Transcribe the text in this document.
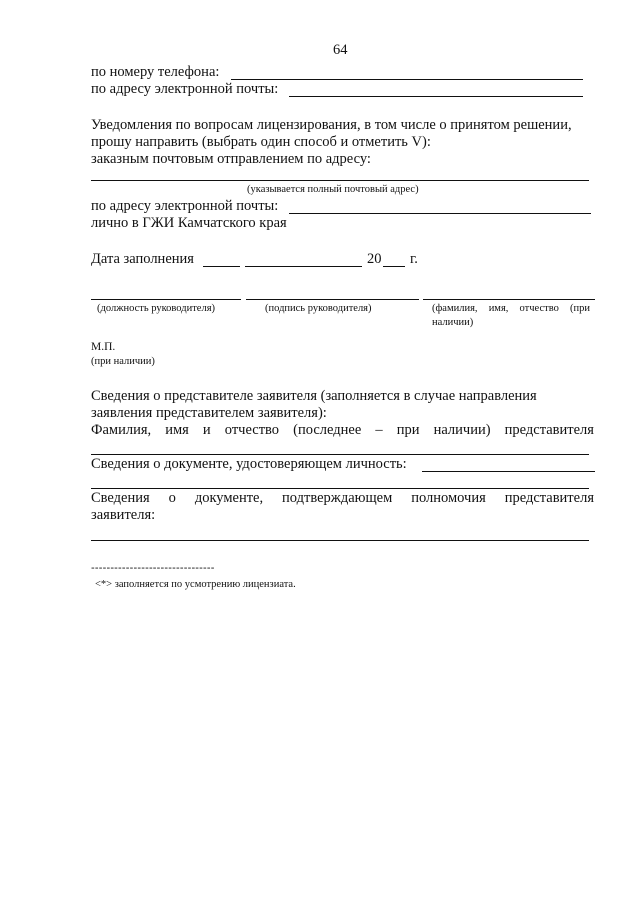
64
по номеру телефона:
по адресу электронной почты:
Уведомления по вопросам лицензирования, в том числе о принятом решении,
прошу направить (выбрать один способ и отметить V):
заказным почтовым отправлением по адресу:
(указывается полный почтовый адрес)
по адресу электронной почты:
лично в ГЖИ Камчатского края
Дата заполнения	20 г.
(должность руководителя)	(подпись руководителя)	(фамилия, имя, отчество (при
наличии)
М.П.
(при наличии)
Сведения о представителе заявителя (заполняется в случае направления
заявления представителем заявителя):
Фамилия, имя и отчество (последнее – при наличии) представителя
Сведения о документе, удостоверяющем личность:
Сведения о документе, подтверждающем полномочия представителя
заявителя:
--------------------------------
<*> заполняется по усмотрению лицензиата.
